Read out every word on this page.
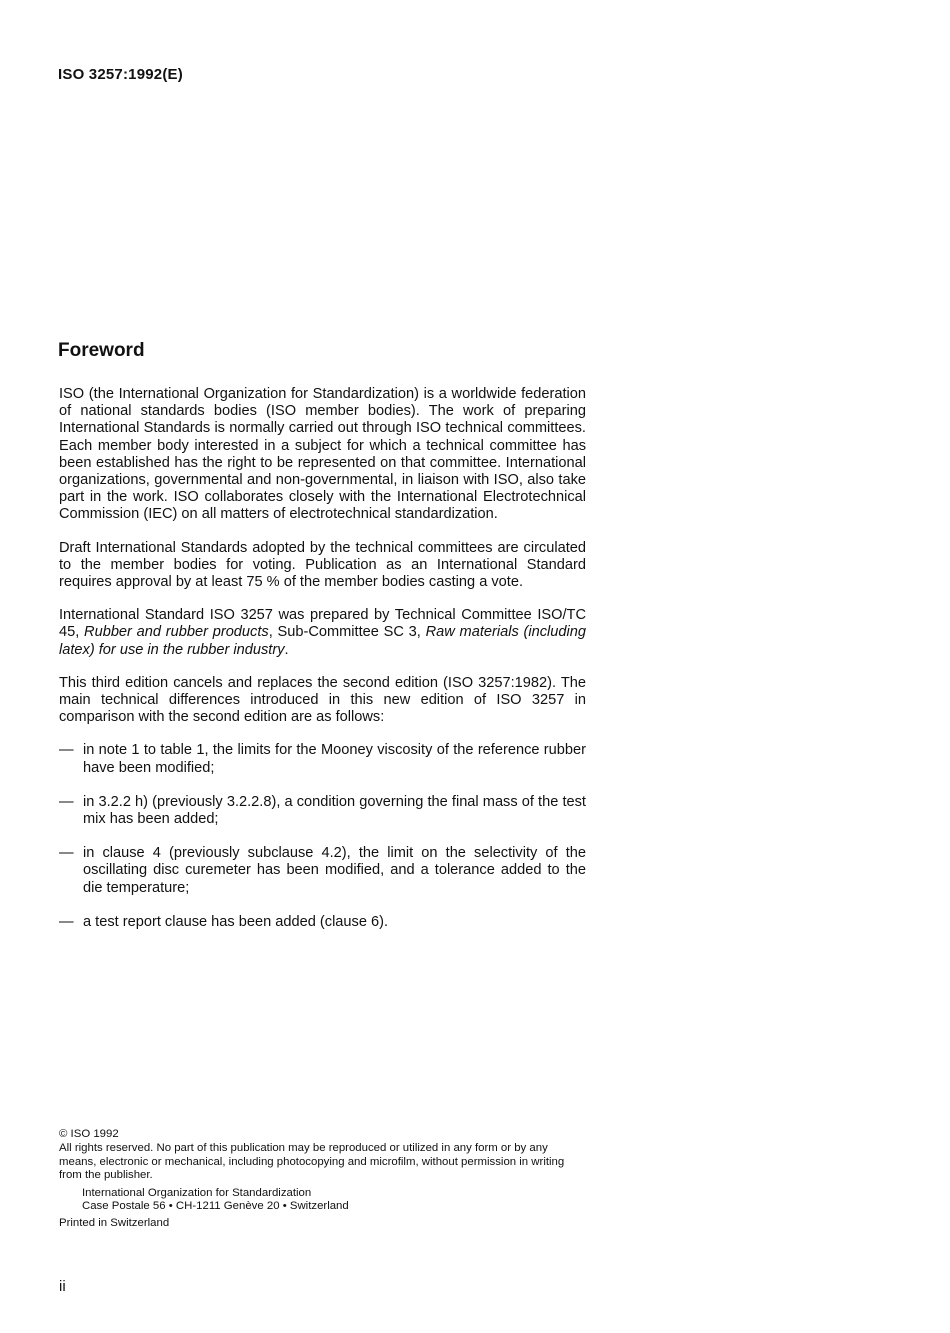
ISO 3257:1992(E)
Foreword

ISO (the International Organization for Standardization) is a worldwide federation of national standards bodies (ISO member bodies). The work of preparing International Standards is normally carried out through ISO technical committees. Each member body interested in a subject for which a technical committee has been established has the right to be represented on that committee. International organizations, governmental and non-governmental, in liaison with ISO, also take part in the work. ISO collaborates closely with the International Electrotechnical Commission (IEC) on all matters of electrotechnical standardization.

Draft International Standards adopted by the technical committees are circulated to the member bodies for voting. Publication as an International Standard requires approval by at least 75 % of the member bodies casting a vote.

International Standard ISO 3257 was prepared by Technical Committee ISO/TC 45, Rubber and rubber products, Sub-Committee SC 3, Raw materials (including latex) for use in the rubber industry.

This third edition cancels and replaces the second edition (ISO 3257:1982). The main technical differences introduced in this new edition of ISO 3257 in comparison with the second edition are as follows:

— in note 1 to table 1, the limits for the Mooney viscosity of the reference rubber have been modified;
— in 3.2.2 h) (previously 3.2.2.8), a condition governing the final mass of the test mix has been added;
— in clause 4 (previously subclause 4.2), the limit on the selectivity of the oscillating disc curemeter has been modified, and a tolerance added to the die temperature;
— a test report clause has been added (clause 6).
© ISO 1992
All rights reserved. No part of this publication may be reproduced or utilized in any form or by any means, electronic or mechanical, including photocopying and microfilm, without permission in writing from the publisher.
International Organization for Standardization
Case Postale 56 • CH-1211 Genève 20 • Switzerland
Printed in Switzerland
ii
